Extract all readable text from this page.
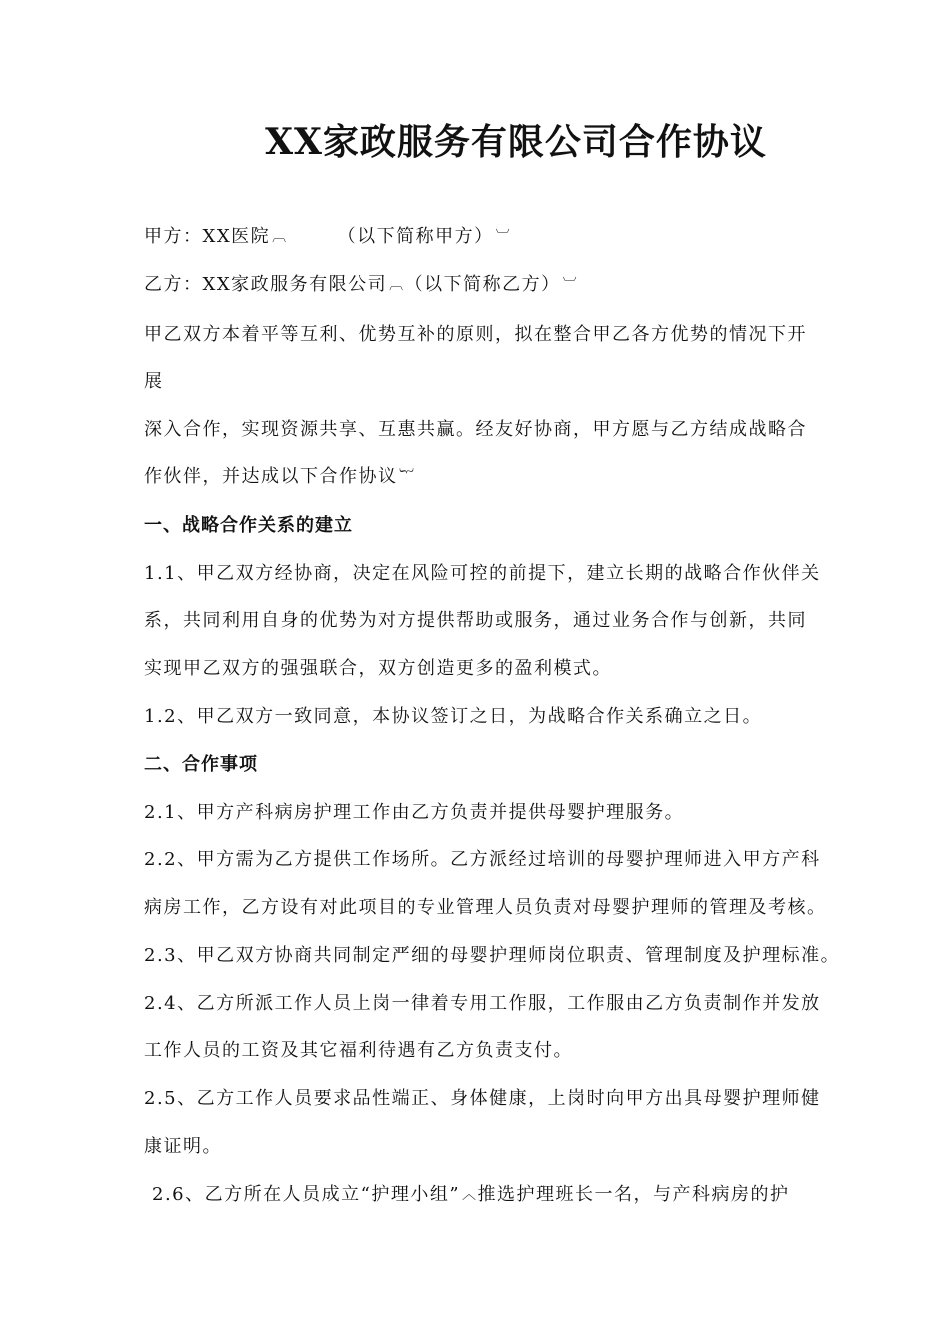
XX家政服务有限公司合作协议
甲方：XX医院 ︹	（以下简称甲方） ︺
乙方：XX家政服务有限公司 ︹（以下简称乙方） ︺
甲乙双方本着平等互利、优势互补的原则，拟在整合甲乙各方优势的情况下开
展
深入合作，实现资源共享、互惠共赢。经友好协商，甲方愿与乙方结成战略合
作伙伴，并达成以下合作协议 ︸
一、战略合作关系的建立
1.1、甲乙双方经协商，决定在风险可控的前提下，建立长期的战略合作伙伴关
系，共同利用自身的优势为对方提供帮助或服务，通过业务合作与创新，共同
实现甲乙双方的强强联合，双方创造更多的盈利模式。
1.2、甲乙双方一致同意，本协议签订之日，为战略合作关系确立之日。
二、合作事项
2.1、甲方产科病房护理工作由乙方负责并提供母婴护理服务。
2.2、甲方需为乙方提供工作场所。乙方派经过培训的母婴护理师进入甲方产科
病房工作，乙方设有对此项目的专业管理人员负责对母婴护理师的管理及考核。
2.3、甲乙双方协商共同制定严细的母婴护理师岗位职责、管理制度及护理标准。
2.4、乙方所派工作人员上岗一律着专用工作服，工作服由乙方负责制作并发放
工作人员的工资及其它福利待遇有乙方负责支付。
2.5、乙方工作人员要求品性端正、身体健康，上岗时向甲方出具母婴护理师健
康证明。
2.6、乙方所在人员成立“护理小组” ︿推选护理班长一名，与产科病房的护
